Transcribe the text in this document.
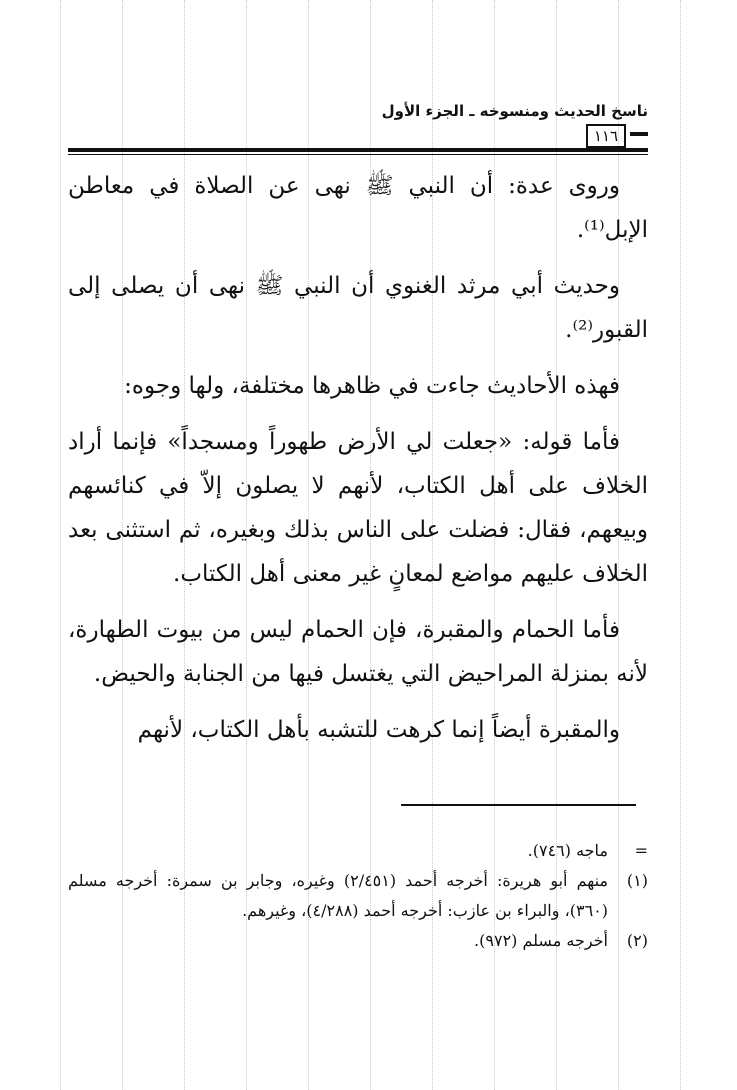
ناسخ الحديث ومنسوخه ـ الجزء الأول
١١٦

وروى عدة: أن النبي ﷺ نهى عن الصلاة في معاطن الإبل⁽¹⁾.

وحديث أبي مرثد الغنوي أن النبي ﷺ نهى أن يصلى إلى القبور⁽²⁾.

فهذه الأحاديث جاءت في ظاهرها مختلفة، ولها وجوه:

فأما قوله: «جعلت لي الأرض طهوراً ومسجداً» فإنما أراد الخلاف على أهل الكتاب، لأنهم لا يصلون إلاّ في كنائسهم وبيعهم، فقال: فضلت على الناس بذلك وبغيره، ثم استثنى بعد الخلاف عليهم مواضع لمعانٍ غير معنى أهل الكتاب.

فأما الحمام والمقبرة، فإن الحمام ليس من بيوت الطهارة، لأنه بمنزلة المراحيض التي يغتسل فيها من الجنابة والحيض.

والمقبرة أيضاً إنما كرهت للتشبه بأهل الكتاب، لأنهم

=
ماجه (٧٤٦).
(١)
منهم أبو هريرة: أخرجه أحمد (٢/٤٥١) وغيره، وجابر بن سمرة: أخرجه مسلم (٣٦٠)، والبراء بن عازب: أخرجه أحمد (٤/٢٨٨)، وغيرهم.
(٢)
أخرجه مسلم (٩٧٢).
